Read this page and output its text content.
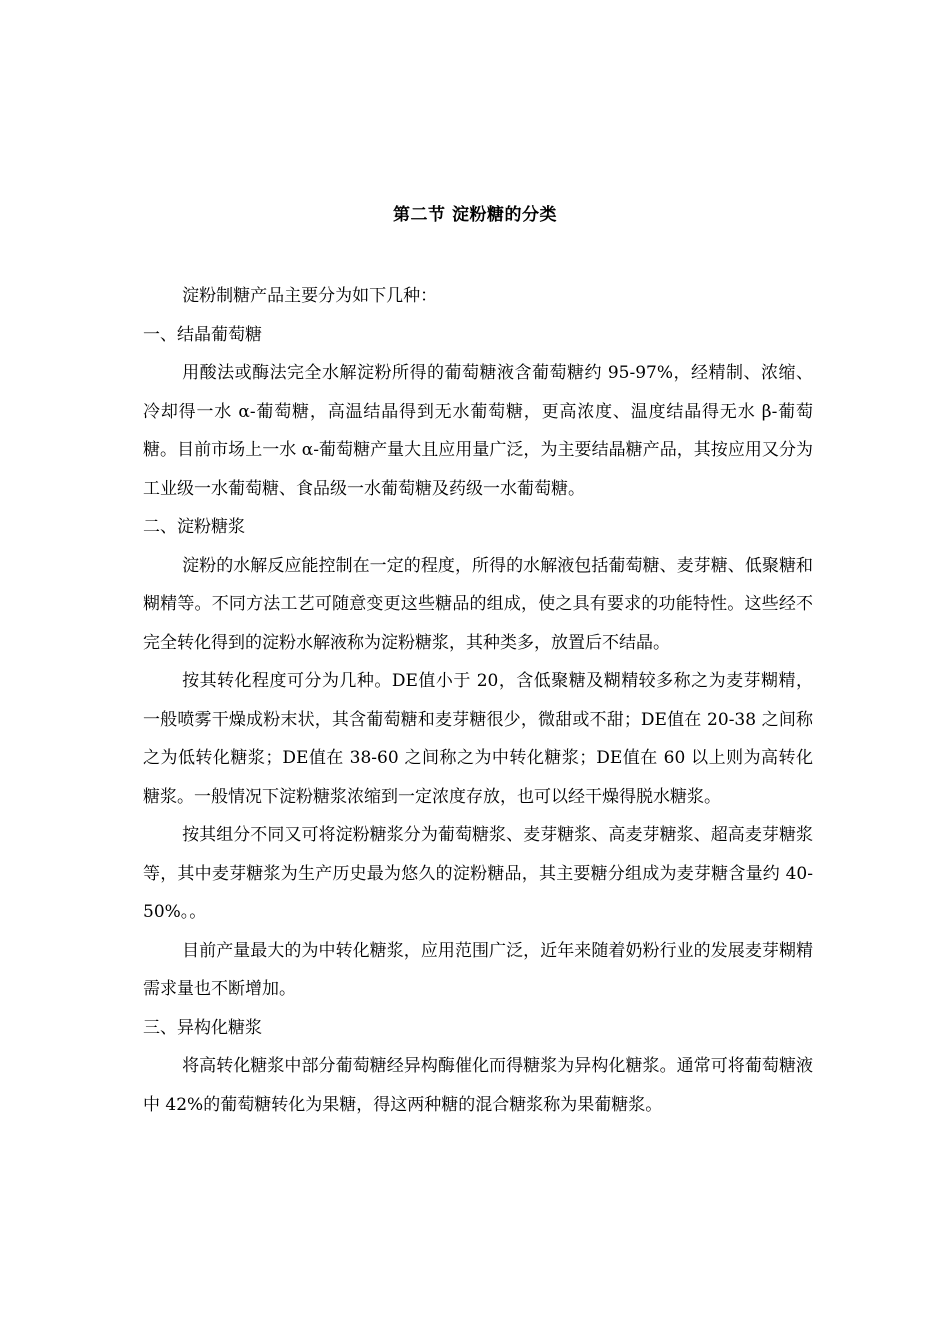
第二节 淀粉糖的分类

淀粉制糖产品主要分为如下几种：

一、结晶葡萄糖

用酸法或酶法完全水解淀粉所得的葡萄糖液含葡萄糖约 95-97%，经精制、浓缩、冷却得一水 α-葡萄糖，高温结晶得到无水葡萄糖，更高浓度、温度结晶得无水 β-葡萄糖。目前市场上一水 α-葡萄糖产量大且应用量广泛，为主要结晶糖产品，其按应用又分为工业级一水葡萄糖、食品级一水葡萄糖及药级一水葡萄糖。

二、淀粉糖浆

淀粉的水解反应能控制在一定的程度，所得的水解液包括葡萄糖、麦芽糖、低聚糖和糊精等。不同方法工艺可随意变更这些糖品的组成，使之具有要求的功能特性。这些经不完全转化得到的淀粉水解液称为淀粉糖浆，其种类多，放置后不结晶。

按其转化程度可分为几种。DE值小于 20，含低聚糖及糊精较多称之为麦芽糊精，一般喷雾干燥成粉末状，其含葡萄糖和麦芽糖很少，微甜或不甜；DE值在 20-38 之间称之为低转化糖浆；DE值在 38-60 之间称之为中转化糖浆；DE值在 60 以上则为高转化糖浆。一般情况下淀粉糖浆浓缩到一定浓度存放，也可以经干燥得脱水糖浆。

按其组分不同又可将淀粉糖浆分为葡萄糖浆、麦芽糖浆、高麦芽糖浆、超高麦芽糖浆等，其中麦芽糖浆为生产历史最为悠久的淀粉糖品，其主要糖分组成为麦芽糖含量约 40-50%。。

目前产量最大的为中转化糖浆，应用范围广泛，近年来随着奶粉行业的发展麦芽糊精需求量也不断增加。

三、异构化糖浆

将高转化糖浆中部分葡萄糖经异构酶催化而得糖浆为异构化糖浆。通常可将葡萄糖液中 42%的葡萄糖转化为果糖，得这两种糖的混合糖浆称为果葡糖浆。
